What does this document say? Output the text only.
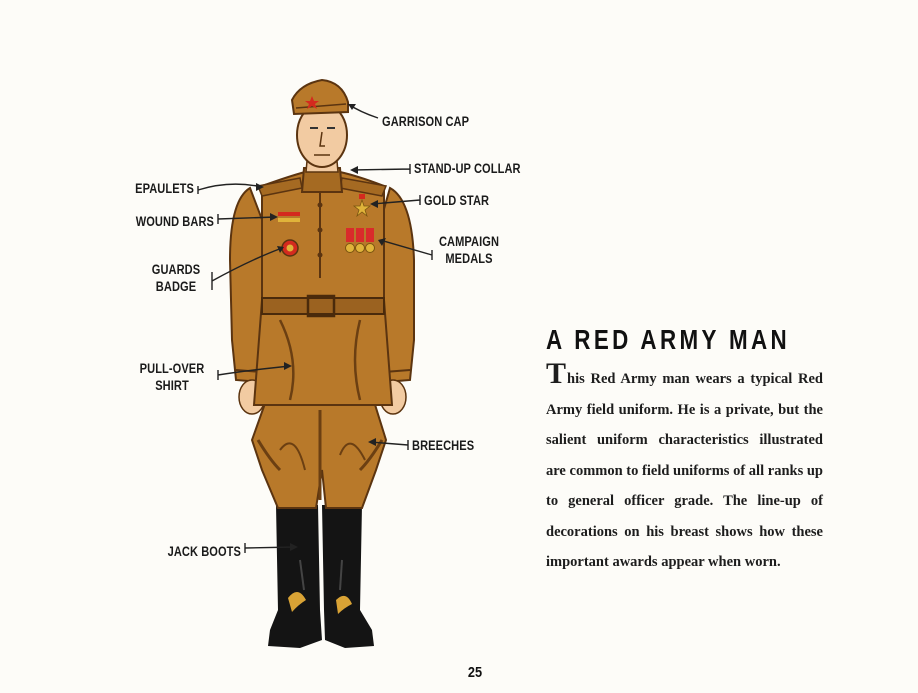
GARRISON CAP
STAND-UP COLLAR
EPAULETS
GOLD STAR
WOUND BARS
CAMPAIGN
MEDALS
GUARDS
BADGE
PULL-OVER
SHIRT
BREECHES
JACK BOOTS
A RED ARMY MAN
This Red Army man wears a typical Red Army field uniform. He is a private, but the salient uniform characteristics illustrated are common to field uniforms of all ranks up to general officer grade. The line-up of decorations on his breast shows how these important awards appear when worn.
25
